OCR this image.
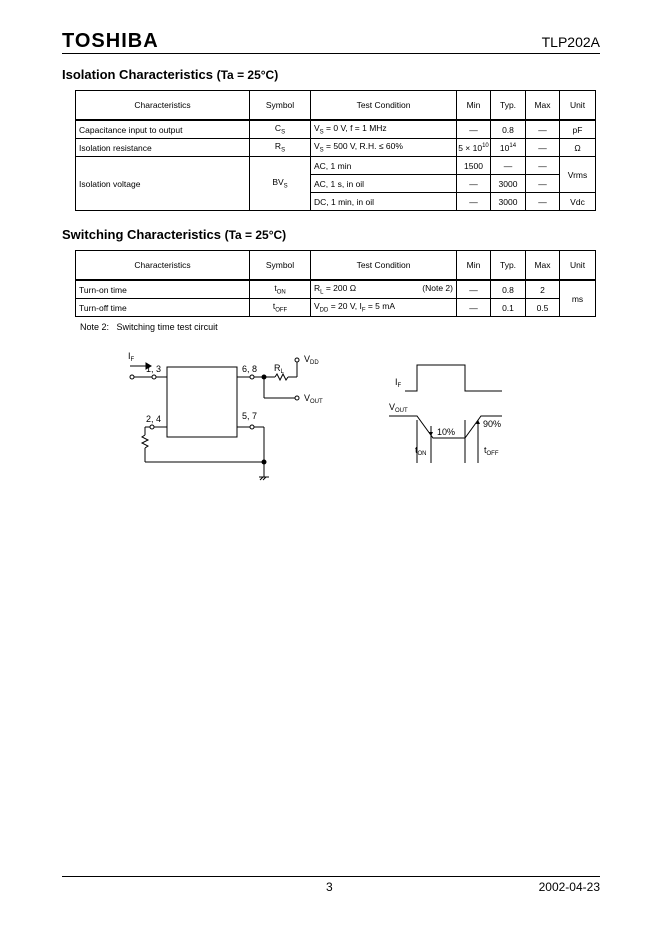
TOSHIBA	TLP202A
Isolation Characteristics (Ta = 25°C)
Characteristics	Symbol	Test Condition	Min	Typ.	Max	Unit
Capacitance input to output	$C_S$	$V_S = 0$ V, f = 1 MHz	—	0.8	—	pF
Isolation resistance	$R_S$	$V_S = 500$ V, R.H. ≤ 60%	$5 \times 10^{10}$	$10^{14}$	—	Ω
Isolation voltage	$BV_S$	AC, 1 min	1500	—	—	Vrms
		AC, 1 s, in oil	—	3000	—	
		DC, 1 min, in oil	—	3000	—	Vdc
Switching Characteristics (Ta = 25°C)
Characteristics	Symbol	Test Condition	Min	Typ.	Max	Unit
Turn-on time	$t_{ON}$	$R_L = 200$ Ω (Note 2)	—	0.8	2	ms
Turn-off time	$t_{OFF}$	$V_{DD} = 20$ V, $I_F = 5$ mA	—	0.1	0.5	
Note 2: Switching time test circuit
$I_F$
1, 3
2, 4
6, 8
5, 7
$R_L$
$V_{DD}$
$V_{OUT}$
$I_F$
$V_{OUT}$
10%
90%
$t_{ON}$	$t_{OFF}$
3	2002-04-23
